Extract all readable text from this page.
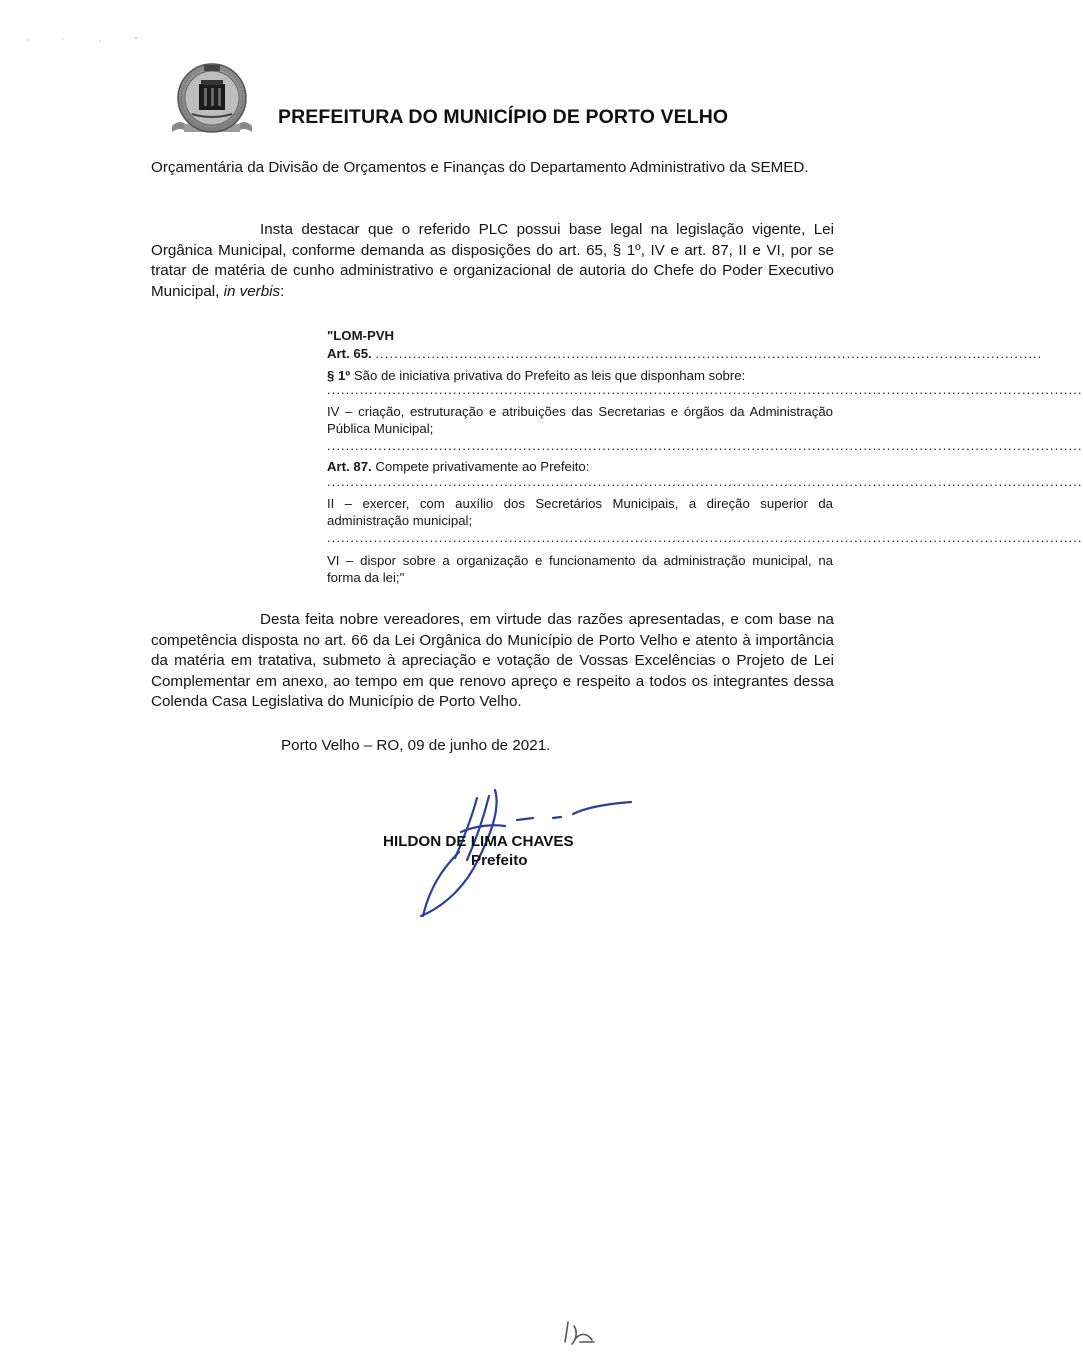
PREFEITURA DO MUNICÍPIO DE PORTO VELHO
Orçamentária da Divisão de Orçamentos e Finanças do Departamento Administrativo da SEMED.
Insta destacar que o referido PLC possui base legal na legislação vigente, Lei Orgânica Municipal, conforme demanda as disposições do art. 65, § 1º, IV e art. 87, II e VI, por se tratar de matéria de cunho administrativo e organizacional de autoria do Chefe do Poder Executivo Municipal, in verbis:
"LOM-PVH
Art. 65. ...............................................................................................................................................
§ 1º São de iniciativa privativa do Prefeito as leis que disponham sobre:
..................................................................................................................................................................
IV – criação, estruturação e atribuições das Secretarias e órgãos da Administração Pública Municipal;
..................................................................................................................................................................
Art. 87. Compete privativamente ao Prefeito:
..................................................................................................................................................................
II – exercer, com auxílio dos Secretários Municipais, a direção superior da administração municipal;
..................................................................................................................................................................
VI – dispor sobre a organização e funcionamento da administração municipal, na forma da lei;"
Desta feita nobre vereadores, em virtude das razões apresentadas, e com base na competência disposta no art. 66 da Lei Orgânica do Município de Porto Velho e atento à importância da matéria em tratativa, submeto à apreciação e votação de Vossas Excelências o Projeto de Lei Complementar em anexo, ao tempo em que renovo apreço e respeito a todos os integrantes dessa Colenda Casa Legislativa do Município de Porto Velho.
Porto Velho – RO, 09 de junho de 2021.
HILDON DE LIMA CHAVES
Prefeito
